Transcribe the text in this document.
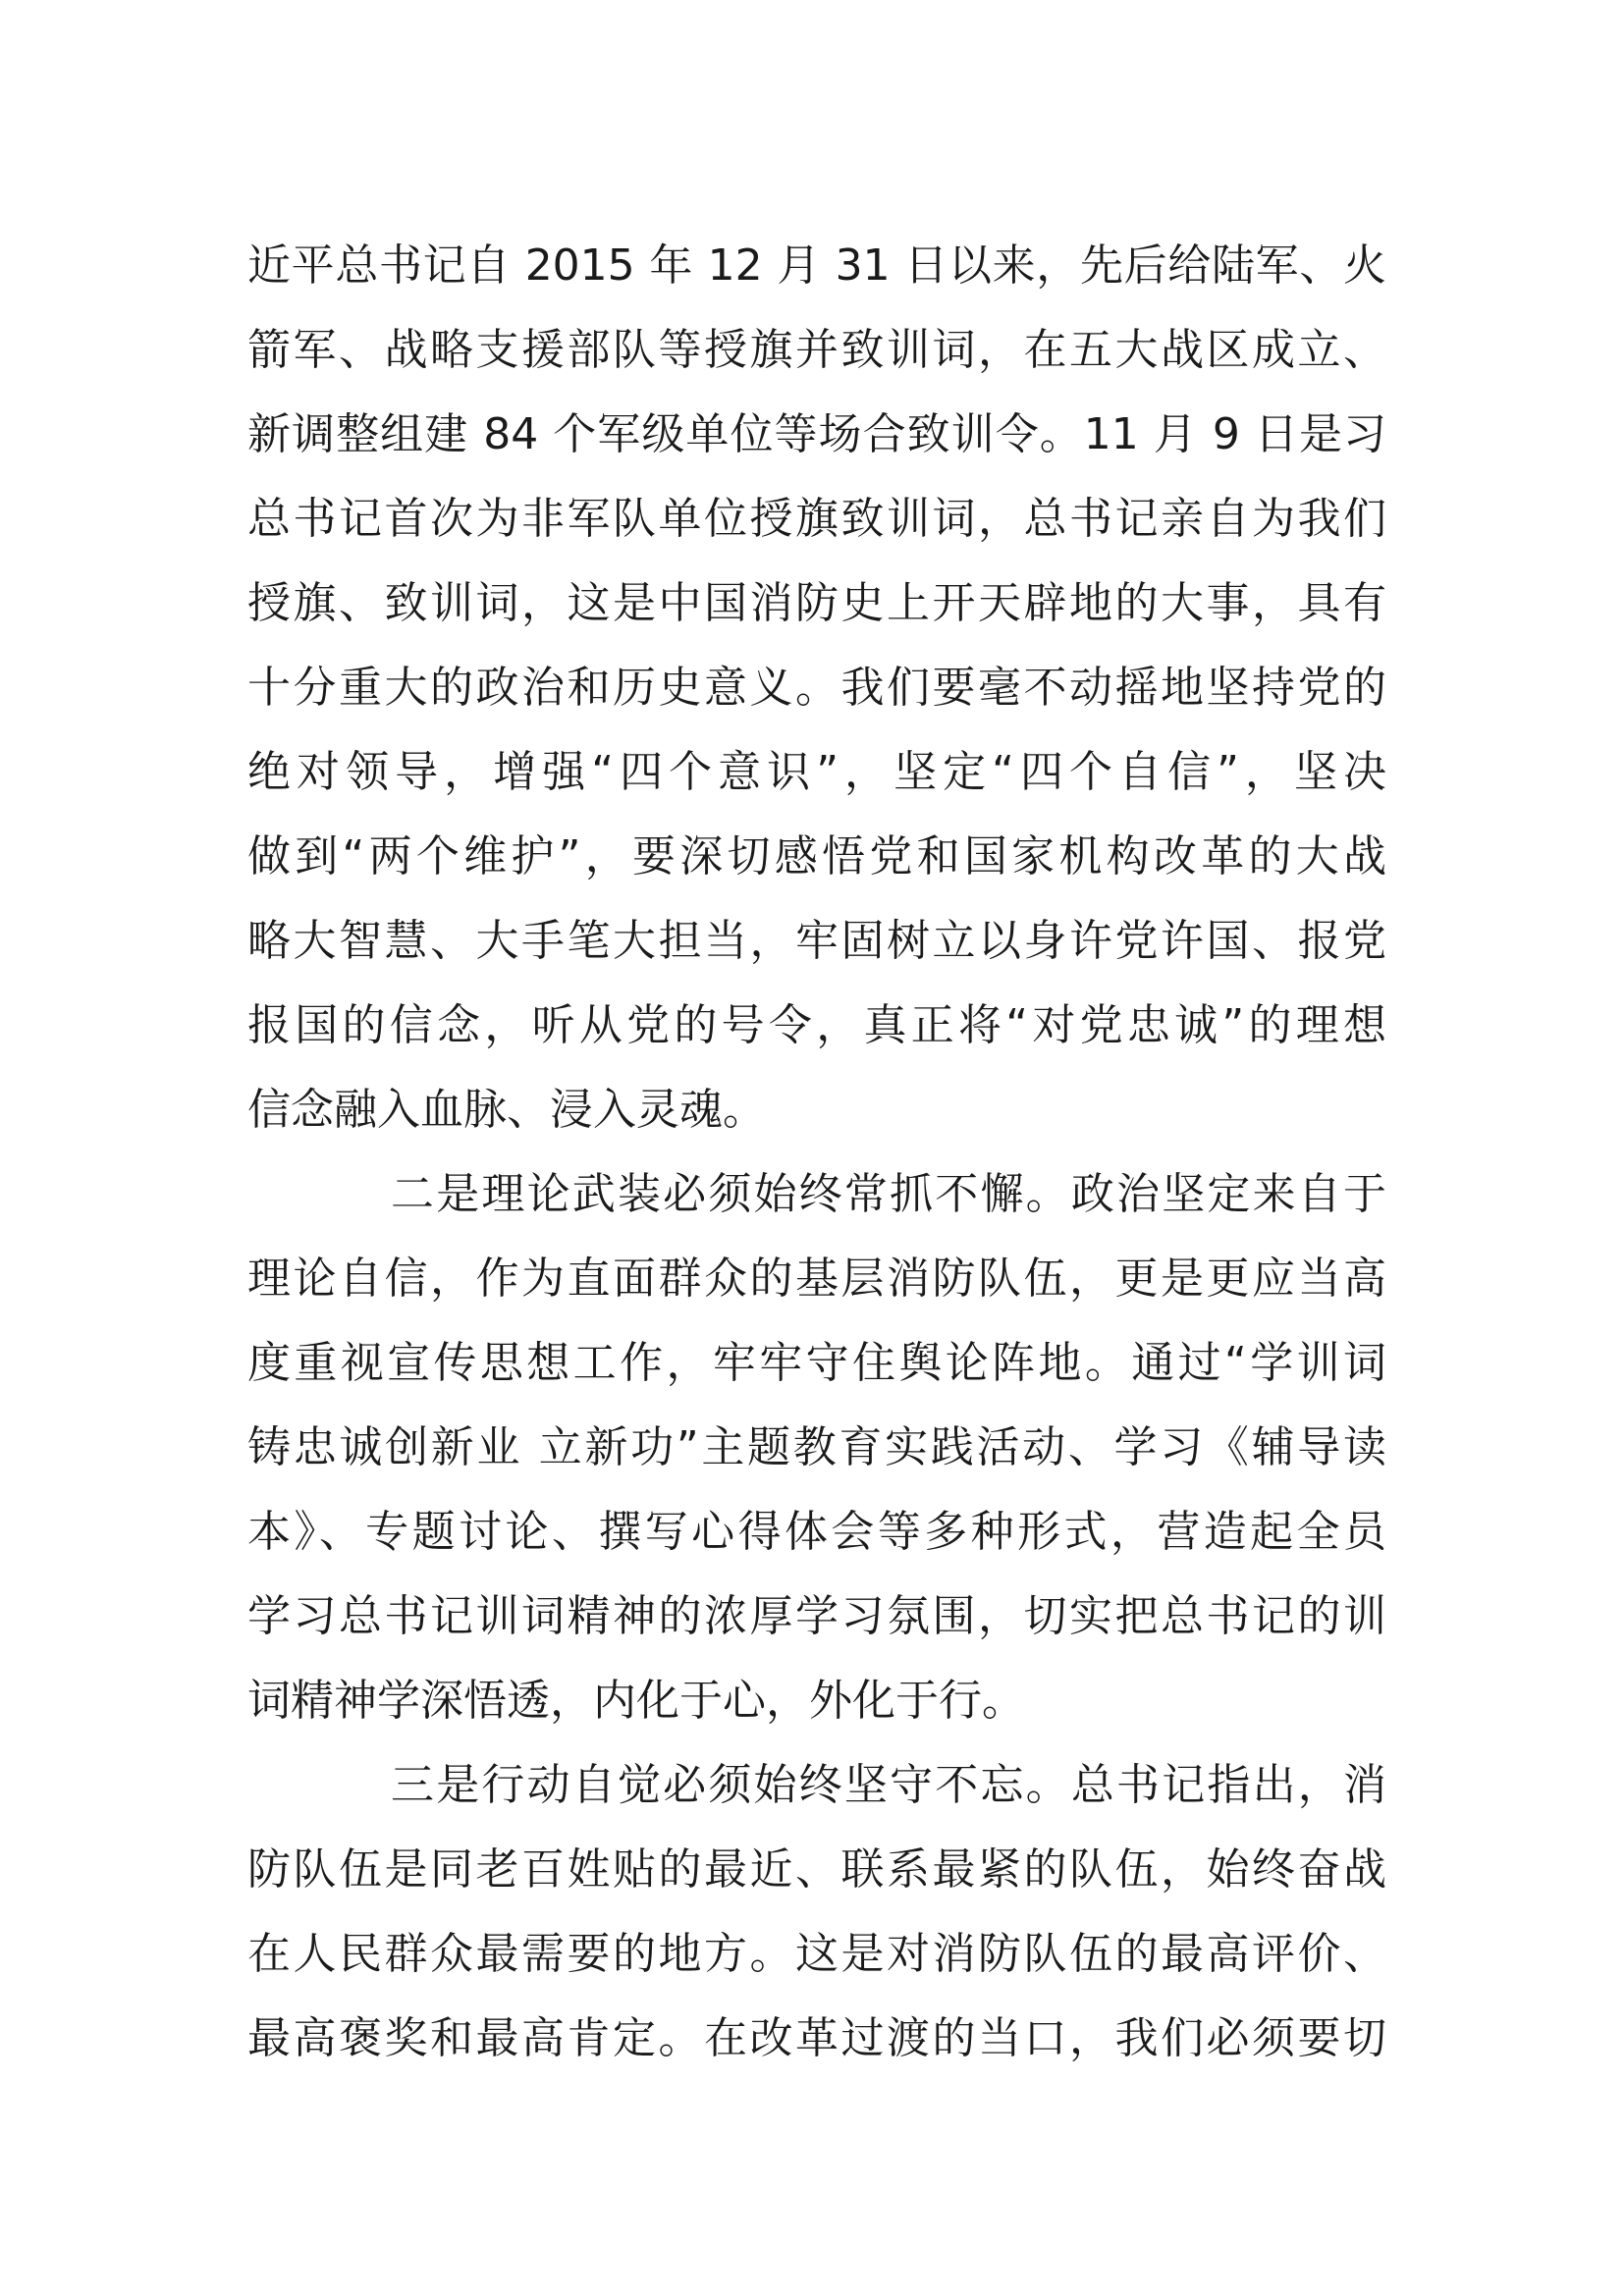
近平总书记自 2015 年 12 月 31 日以来，先后给陆军、火
箭军、战略支援部队等授旗并致训词，在五大战区成立、
新调整组建 84 个军级单位等场合致训令。11 月 9 日是习
总书记首次为非军队单位授旗致训词，总书记亲自为我们
授旗、致训词，这是中国消防史上开天辟地的大事，具有
十分重大的政治和历史意义。我们要毫不动摇地坚持党的
绝对领导，增强“四个意识”，坚定“四个自信”，坚决
做到“两个维护”，要深切感悟党和国家机构改革的大战
略大智慧、大手笔大担当，牢固树立以身许党许国、报党
报国的信念，听从党的号令，真正将“对党忠诚”的理想
信念融入血脉、浸入灵魂。
二是理论武装必须始终常抓不懈。政治坚定来自于
理论自信，作为直面群众的基层消防队伍，更是更应当高
度重视宣传思想工作，牢牢守住舆论阵地。通过“学训词
铸忠诚创新业 立新功”主题教育实践活动、学习《辅导读
本》、专题讨论、撰写心得体会等多种形式，营造起全员
学习总书记训词精神的浓厚学习氛围，切实把总书记的训
词精神学深悟透，内化于心，外化于行。
三是行动自觉必须始终坚守不忘。总书记指出，消
防队伍是同老百姓贴的最近、联系最紧的队伍，始终奋战
在人民群众最需要的地方。这是对消防队伍的最高评价、
最高褒奖和最高肯定。在改革过渡的当口，我们必须要切
